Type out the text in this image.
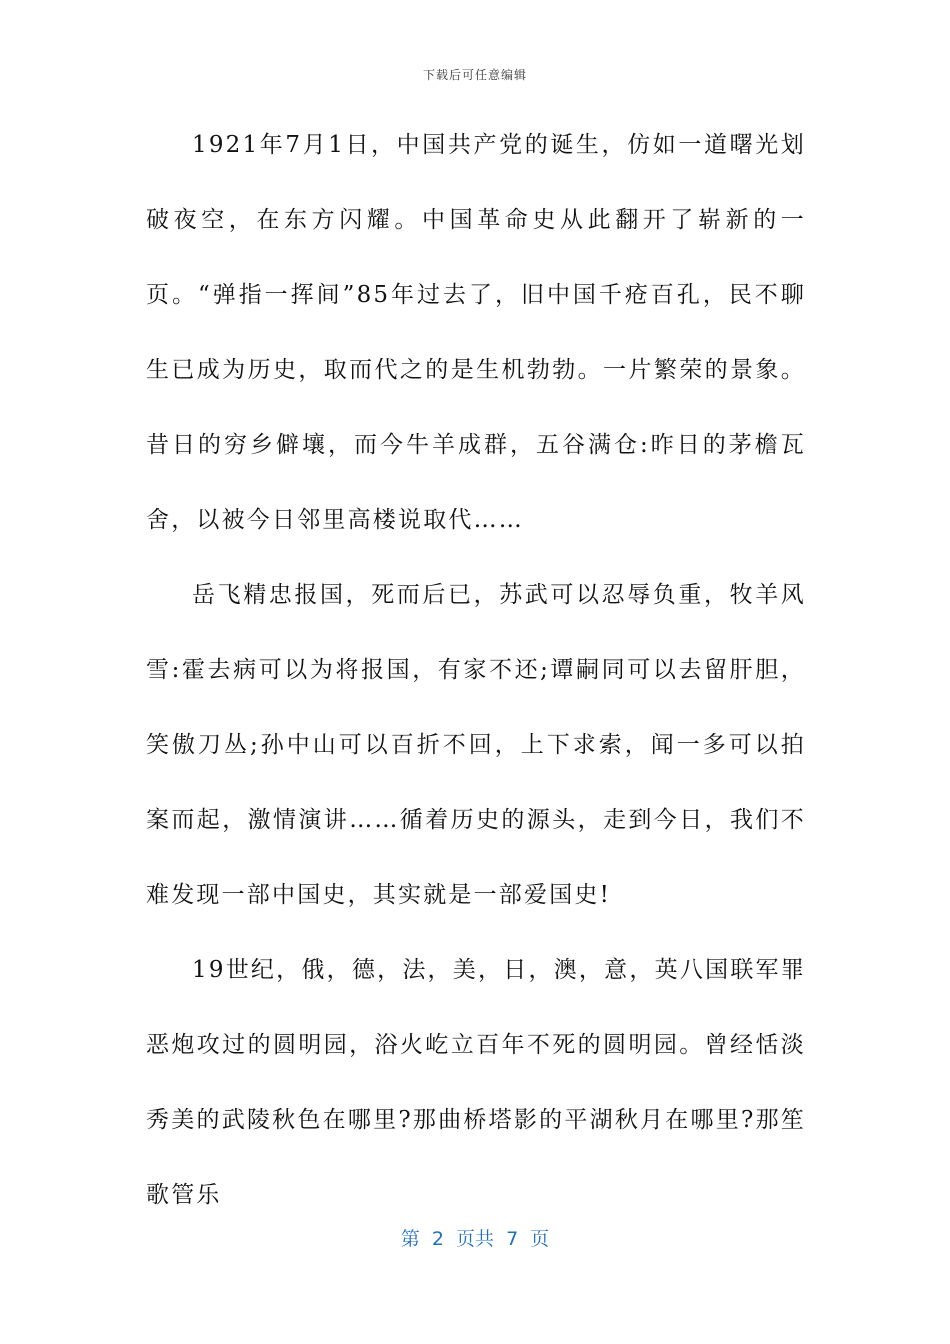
下载后可任意编辑

1921年7月1日，中国共产党的诞生，仿如一道曙光划破夜空，在东方闪耀。中国革命史从此翻开了崭新的一页。“弹指一挥间”85年过去了，旧中国千疮百孔，民不聊生已成为历史，取而代之的是生机勃勃。一片繁荣的景象。昔日的穷乡僻壤，而今牛羊成群，五谷满仓:昨日的茅檐瓦舍，以被今日邻里高楼说取代……

岳飞精忠报国，死而后已，苏武可以忍辱负重，牧羊风雪:霍去病可以为将报国，有家不还;谭嗣同可以去留肝胆，笑傲刀丛;孙中山可以百折不回，上下求索，闻一多可以拍案而起，激情演讲……循着历史的源头，走到今日，我们不难发现一部中国史，其实就是一部爱国史!

19世纪，俄，德，法，美，日，澳，意，英八国联军罪恶炮攻过的圆明园，浴火屹立百年不死的圆明园。曾经恬淡秀美的武陵秋色在哪里?那曲桥塔影的平湖秋月在哪里?那笙歌管乐

第  2  页共  7  页
